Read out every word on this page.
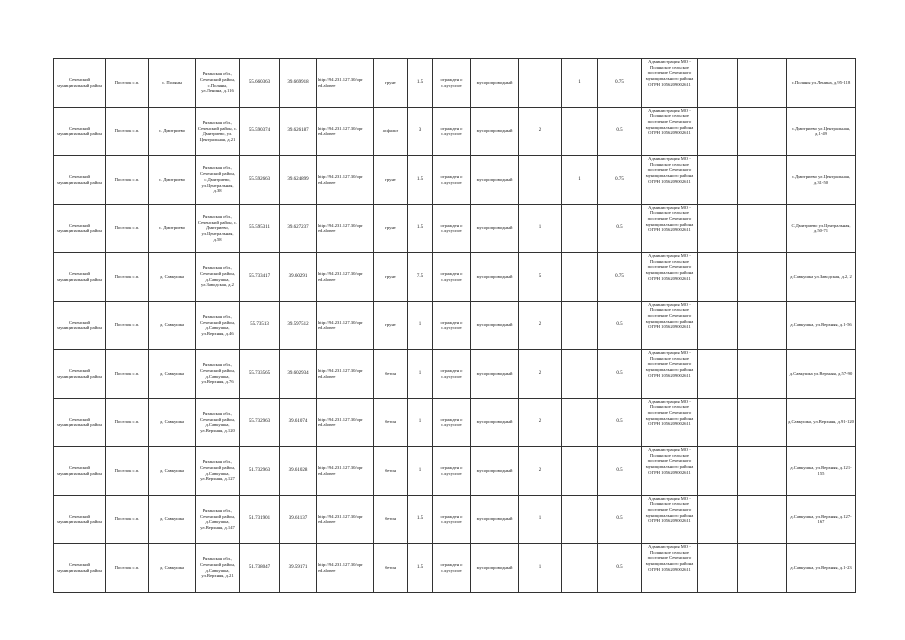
Сеченский муниципальный район	Поселок с.п.	с. Поляны	Рязанская обл., Сеченский район, с.Поляны, ул.Ленина, д.116	55.660363	39.669918	http://94.231.127.30/opr ed.alonee	грунт	1.5	огражден о с.кусуспот	мусоропроводный		1	0.75	Администрация МО - Полянское сельское поселение Сеченского муниципального района ОГРН 1056209002611			с.Поляны ул.Ленина, д.95-118
Сеченский муниципальный район	Поселок с.п.	с. Дмитриево	Рязанская обл., Сеченский район, с. Дмитриево, ул. Центральная, д.21	55.590374	39.626187	http://94.231.127.30/opr ed.alonee	асфальт	3	огражден о с.кусуспот	мусоропроводный	2		0.5	Администрация МО - Полянское сельское поселение Сеченского муниципального района ОГРН 1056209002611			с.Дмитриево ул.Центральная, д.1-49
Сеченский муниципальный район	Поселок с.п.	с. Дмитриево	Рязанская обл., Сеченский район, с.Дмитриево, ул.Центральная, д.38	55.592663	39.624899	http://94.231.127.30/opr ed.alonee	грунт	1.5	огражден о с.кусуспот	мусоропроводный		1	0.75	Администрация МО - Полянское сельское поселение Сеченского муниципального района ОГРН 1056209002611			с.Дмитриево ул.Центральная, д.31-50
Сеченский муниципальный район	Поселок с.п.	с. Дмитриево	Рязанская обл., Сеченский район, с. Дмитриево, ул.Центральная, д.58	55.595311	39.627237	http://94.231.127.30/opr ed.alonee	грунт	1.5	огражден о с.кусуспот	мусоропроводный	1		0.5	Администрация МО - Полянское сельское поселение Сеченского муниципального района ОГРН 1056209002611			С.Дмитриево ул.Центральная, д.50-71
Сеченский муниципальный район	Поселок с.п.	д. Савкушка	Рязанская обл., Сеченский район, д.Савкушка, ул.Заводская, д.2	55.733417	39.60291	http://94.231.127.30/opr ed.alonee	грунт	7.5	огражден о с.кусуспот	мусоропроводный	5		0.75	Администрация МО - Полянское сельское поселение Сеченского муниципального района ОГРН 1056209002611			д.Савкушка ул.Заводская, д.2, 2
Сеченский муниципальный район	Поселок с.п.	д. Савкушка	Рязанская обл., Сеченский район, д.Савкушка, ул.Верхняя, д.46	55.73513	39.597512	http://94.231.127.30/opr ed.alonee	грунт	1	огражден о с.кусуспот	мусоропроводный	2		0.5	Администрация МО - Полянское сельское поселение Сеченского муниципального района ОГРН 1056209002611			д.Савкушка, ул.Верхняя, д.1-56
Сеченский муниципальный район	Поселок с.п.	д. Савкушка	Рязанская обл., Сеченский район, д.Савкушка, ул.Верхняя, д.76	55.733565	39.602934	http://94.231.127.30/opr ed.alonee	бетон	1	огражден о с.кусуспот	мусоропроводный	2		0.5	Администрация МО - Полянское сельское поселение Сеченского муниципального района ОГРН 1056209002611			д.Савкушка ул.Верхняя, д.57-90
Сеченский муниципальный район	Поселок с.п.	д. Савкушка	Рязанская обл., Сеченский район, д.Савкушка, ул.Верхняя, д.120	55.732963	39.61074	http://94.231.127.30/opr ed.alonee	бетон	1	огражден о с.кусуспот	мусоропроводный	2		0.5	Администрация МО - Полянское сельское поселение Сеченского муниципального района ОГРН 1056209002611			д.Савкушка, ул.Верхняя, д.91-120
Сеченский муниципальный район	Поселок с.п.	д. Савкушка	Рязанская обл., Сеченский район, д.Савкушка, ул.Верхняя, д.127	51.732963	39.61028	http://94.231.127.30/opr ed.alonee	бетон	1	огражден о с.кусуспот	мусоропроводный	2		0.5	Администрация МО - Полянское сельское поселение Сеченского муниципального района ОГРН 1056209002611			д.Савкушка, ул.Верхняя, д.121-155
Сеченский муниципальный район	Поселок с.п.	д. Савкушка	Рязанская обл., Сеченский район, д.Савкушка, ул.Верхняя, д.147	51.731901	39.61137	http://94.231.127.30/opr ed.alonee	бетон	1.5	огражден о с.кусуспот	мусоропроводный	1		0.5	Администрация МО - Полянское сельское поселение Сеченского муниципального района ОГРН 1056209002611			д.Савкушка, ул.Верхняя, д.127-167
Сеченский муниципальный район	Поселок с.п.	д. Савкушка	Рязанская обл., Сеченский район, д.Савкушка, ул.Верхняя, д.21	51.738047	39.59171	http://94.231.127.30/opr ed.alonee	бетон	1.5	огражден о с.кусуспот	мусоропроводный	1		0.5	Администрация МО - Полянское сельское поселение Сеченского муниципального района ОГРН 1056209002611			д.Савкушка, ул.Верхняя, д.1-23
